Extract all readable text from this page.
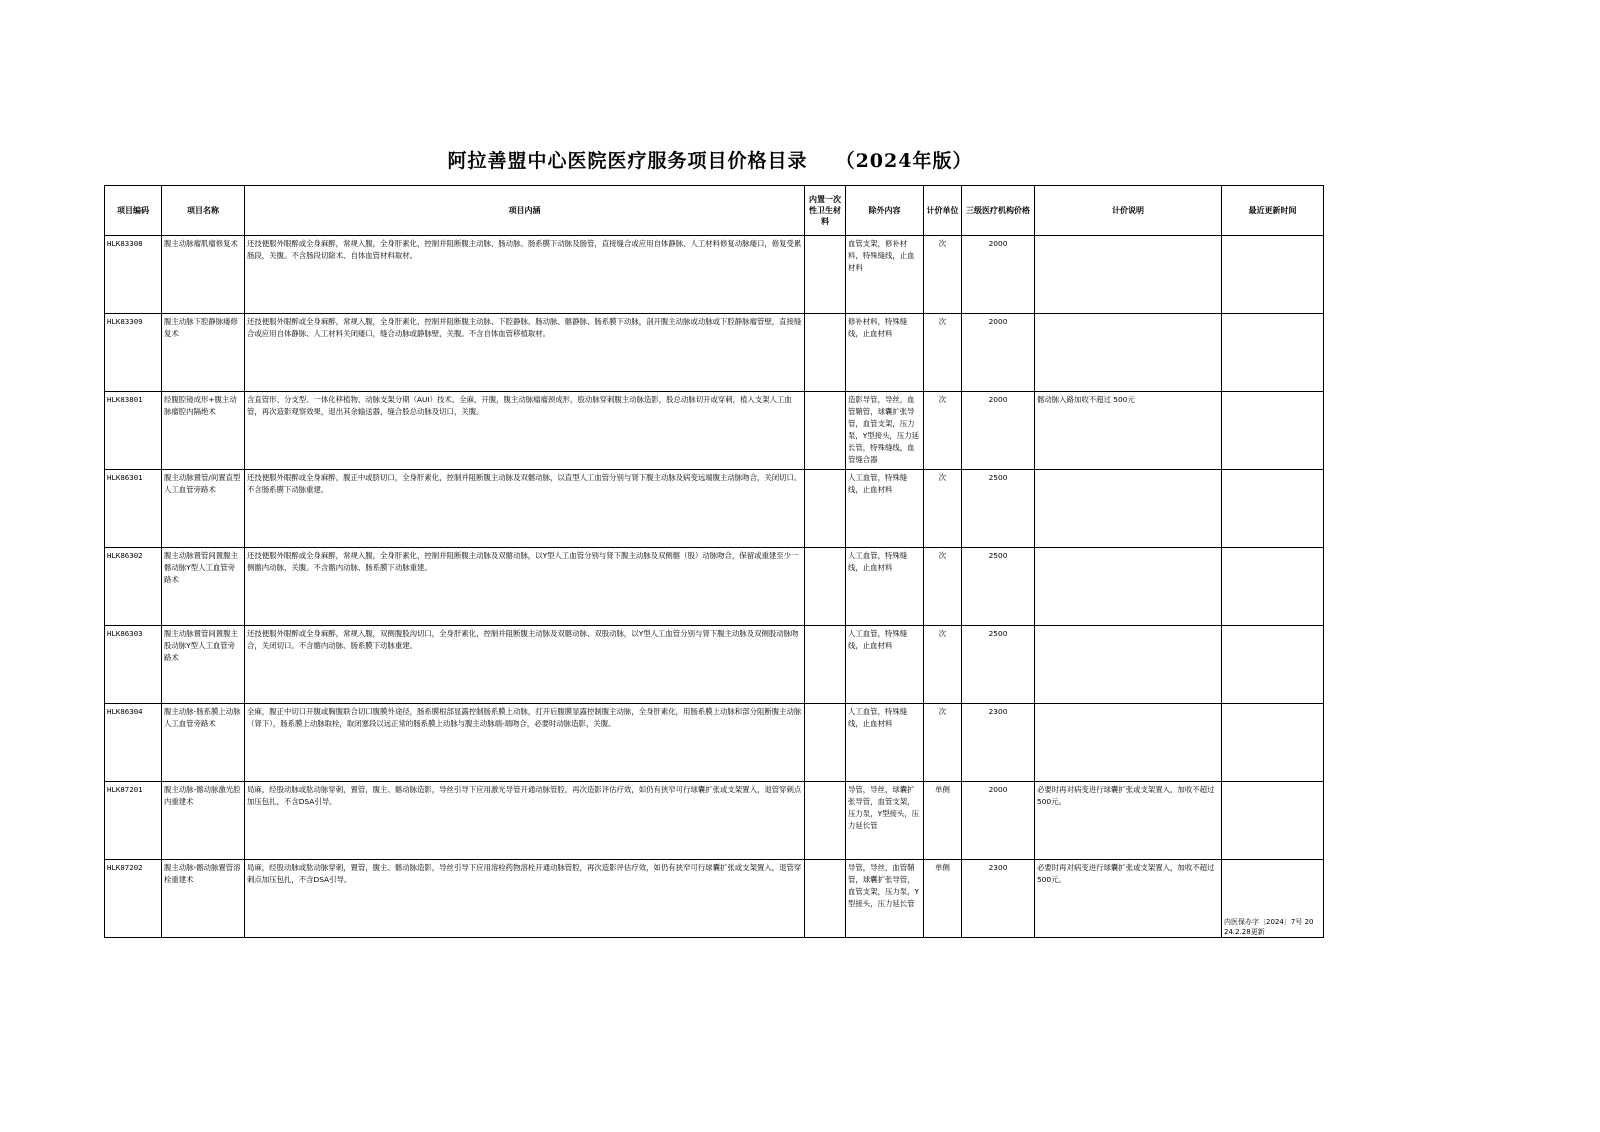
阿拉善盟中心医院医疗服务项目价格目录 （2024年版）
项目编码	项目名称	项目内涵	内置一次性卫生材料	除外内容	计价单位	三级医疗机构价格	计价说明	最近更新时间
HLK83308	腹主动脉瘤肌瘤修复术	还技便服外眼醉或全身麻醉，常规入腹，全身肝素化，控制并阻断腹主动脉、肠动脉、肠系膜下动脉及肠管，直接缝合或应用自体静脉、人工材料修复动脉瘘口，修复受累肠段，关腹。不含肠段切除术、自体血管材料取材。		血管支架，修补材料，特殊缝线，止血材料	次	2000		
HLK83309	腹主动脉下腔静脉瘘修复术	还技便服外眼醉或全身麻醉，常规入腹，全身肝素化，控制并阻断腹主动脉、下腔静脉、肠动脉、髂静脉、肠系膜下动脉，剖开腹主动脉或动脉或下腔静脉瘤管壁，直接缝合或应用自体静脉、人工材料关闭瘘口，缝合动脉或静脉壁，关腹。不含自体血管移植取材。		修补材料，特殊缝线，止血材料	次	2000		
HLK83801	经腹腔镜成形+腹主动脉瘤腔内隔绝术	含直管形、分支型、一体化移植物、动脉支架分期（AUI）技术。全麻，开腹，腹主动脉瘤瘤颈成形，股动脉穿刺腹主动脉造影，股总动脉切开或穿刺，植入支架人工血管，再次造影观察效果，退出其余输送器，缝合股总动脉及切口，关腹。		造影导管，导丝，血管鞘管，球囊扩张导管，血管支架，压力泵，Y型接头，压力延长管，特殊缝线，血管缝合器	次	2000	髂动脉入路加收不超过 500元	
HLK86301	腹主动脉置管/间置直型人工血管旁路术	还技便服外眼醉或全身麻醉，腹正中或脐切口，全身肝素化，控制并阻断腹主动脉及双髂动脉，以直型人工血管分别与肾下腹主动脉及病变远端腹主动脉吻合，关闭切口。不含肠系膜下动脉重建。		人工血管，特殊缝线，止血材料	次	2500		
HLK86302	腹主动脉置管间置腹主髂动脉Y型人工血管旁路术	还技便服外眼醉或全身麻醉，常规入腹，全身肝素化，控制并阻断腹主动脉及双髂动脉，以Y型人工血管分别与肾下腹主动脉及双侧髂（股）动脉吻合，保留或重建至少一侧髂内动脉，关腹。不含髂内动脉、肠系膜下动脉重建。		人工血管，特殊缝线，止血材料	次	2500		
HLK86303	腹主动脉置管间置腹主股动脉Y型人工血管旁路术	还技便服外眼醉或全身麻醉，常规入腹，双侧腹股沟切口，全身肝素化，控制并阻断腹主动脉及双髂动脉、双股动脉，以Y型人工血管分别与肾下腹主动脉及双侧股动脉吻合，关闭切口。不含髂内动脉、肠系膜下动脉重建。		人工血管，特殊缝线，止血材料	次	2500		
HLK86304	腹主动脉-肠系膜上动脉人工血管旁路术	全麻，腹正中切口开腹或胸腹联合切口腹膜外途径，肠系膜根部显露控制肠系膜上动脉，打开后腹膜显露控制腹主动脉，全身肝素化，用肠系膜上动脉和部分阻断腹主动脉（肾下），肠系膜上动脉取栓，取闭塞段以远正常的肠系膜上动脉与腹主动脉端-端吻合，必要时动脉造影，关腹。		人工血管，特殊缝线，止血材料	次	2300		
HLK87201	腹主动脉-髂动脉激光腔内重建术	局麻，经股动脉或肱动脉穿刺，置管，腹主、髂动脉造影，导丝引导下应用激光导管开通动脉管腔，再次造影评估疗效，如仍有狭窄可行球囊扩张或支架置入，退管穿刺点加压包扎，不含DSA引导。		导管，导丝，球囊扩张导管，血管支架，压力泵，Y型接头，压力延长管	单侧	2000	必要时再对病变进行球囊扩张或支架置入，加收不超过500元。	
HLK87202	腹主动脉-髂动脉置管溶栓重建术	局麻，经股动脉或肱动脉穿刺，置管，腹主、髂动脉造影，导丝引导下应用溶栓药物溶栓开通动脉管腔，再次造影评估疗效，如仍有狭窄可行球囊扩张或支架置入，退管穿刺点加压包扎，不含DSA引导。		导管，导丝，血管鞘管，球囊扩张导管，血管支架，压力泵，Y型接头，压力延长管	单侧	2300	必要时再对病变进行球囊扩张或支架置入，加收不超过500元。	内医保办字〔2024〕7号 2024.2.28更新
